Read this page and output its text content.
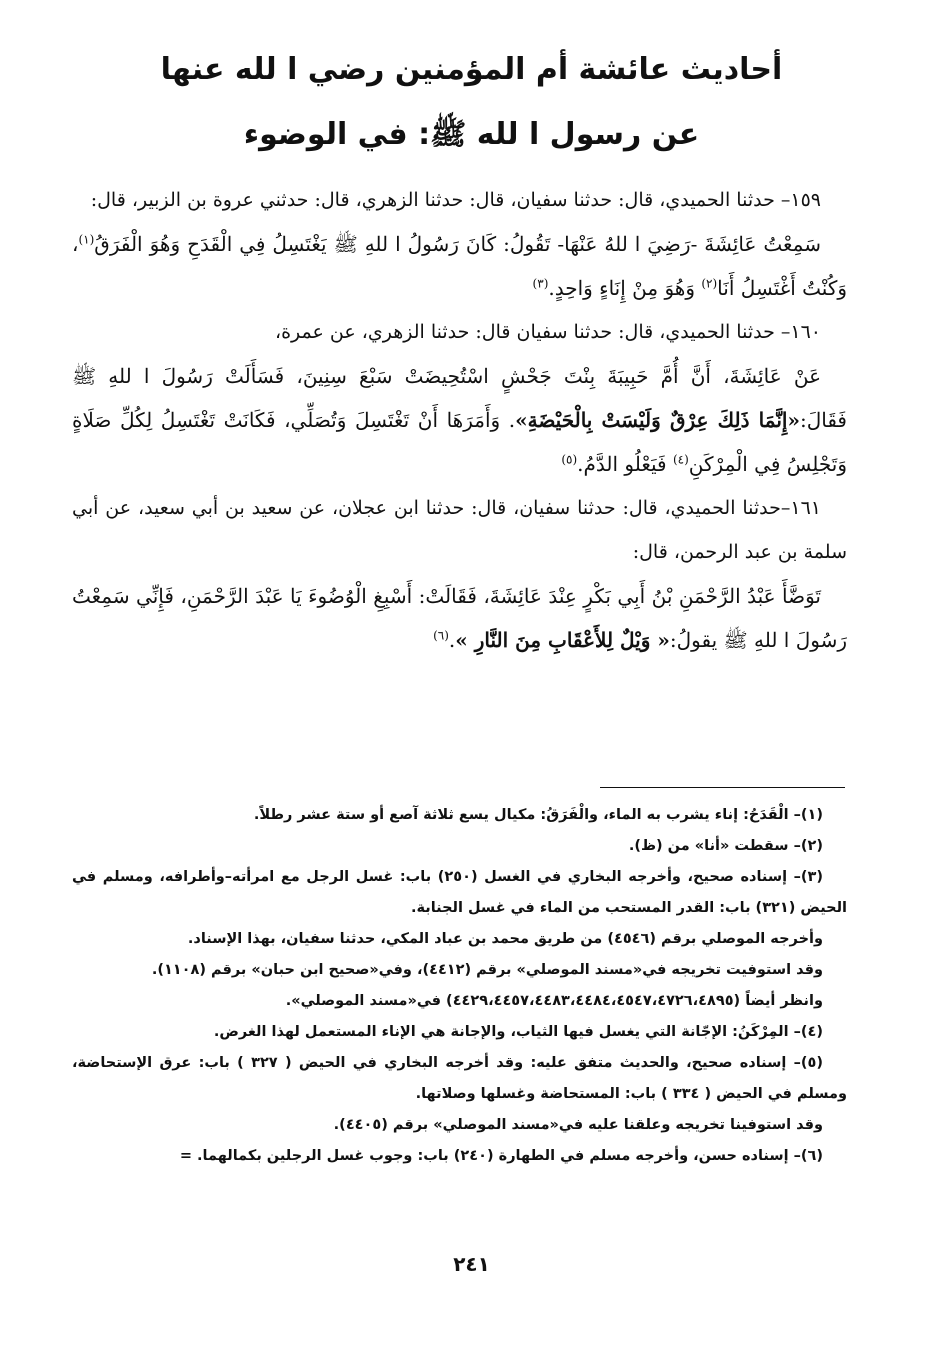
أحاديث عائشة أم المؤمنين رضي ا لله عنها
عن رسول ا لله ﷺ: في الوضوء

١٥٩– حدثنا الحميدي، قال: حدثنا سفيان، قال: حدثنا الزهري، قال: حدثني عروة بن الزبير، قال:

سَمِعْتُ عَائِشَةَ -رَضِيَ ا للهُ عَنْهَا- تَقُولُ: كَانَ رَسُولُ ا للهِ ﷺ يَغْتَسِلُ فِي الْقَدَحِ وَهُوَ الْفَرَقُ$^{(١)}$، وَكُنْتُ أَغْتَسِلُ أَنَا$^{(٢)}$ وَهُوَ مِنْ إِنَاءٍ وَاحِدٍ.$^{(٣)}$

١٦٠– حدثنا الحميدي، قال: حدثنا سفيان قال: حدثنا الزهري، عن عمرة،

عَنْ عَائِشَةَ، أَنَّ أُمَّ حَبِيبَةَ بِنْتَ جَحْشٍ اسْتُحِيضَتْ سَبْعَ سِنِينَ، فَسَأَلَتْ رَسُولَ ا للهِ ﷺ فَقَالَ:«إِنَّمَا ذَلِكَ عِرْقٌ وَلَيْسَتْ بِالْحَيْضَةِ». وَأَمَرَهَا أَنْ تَغْتَسِلَ وَتُصَلِّي، فَكَانَتْ تَغْتَسِلُ لِكُلِّ صَلَاةٍ وَتَجْلِسُ فِي الْمِرْكَنِ$^{(٤)}$ فَيَعْلُو الدَّمُ.$^{(٥)}$

١٦١–حدثنا الحميدي، قال: حدثنا سفيان، قال: حدثنا ابن عجلان، عن سعيد بن أبي سعيد، عن أبي سلمة بن عبد الرحمن، قال:

تَوَضَّأَ عَبْدُ الرَّحْمَنِ بْنُ أَبِي بَكْرٍ عِنْدَ عَائِشَةَ، فَقَالَتْ: أَسْبِغِ الْوُضُوءَ يَا عَبْدَ الرَّحْمَنِ، فَإِنِّي سَمِعْتُ رَسُولَ ا للهِ ﷺ يقولُ:« وَيْلٌ لِلأَعْقَابِ مِنَ النَّارِ ».$^{(٦)}$

(١)– الْقَدَحُ: إناء يشرب به الماء، والْفَرَقُ: مكيال يسع ثلاثة آصع أو ستة عشر رطلاً.

(٢)– سقطت «أنا» من (ظ).

(٣)– إسناده صحيح، وأخرجه البخاري في الغسل (٢٥٠) باب: غسل الرجل مع امرأته–وأطرافه، ومسلم في الحيض (٣٢١) باب: القدر المستحب من الماء في غسل الجنابة.

وأخرجه الموصلي برقم (٤٥٤٦) من طريق محمد بن عباد المكي، حدثنا سفيان، بهذا الإسناد.

وقد استوفيت تخريجه في«مسند الموصلي» برقم (٤٤١٢)، وفي«صحيح ابن حبان» برقم (١١٠٨).

وانظر أيضاً (٤٤٢٩،٤٤٥٧،٤٤٨٣،٤٤٨٤،٤٥٤٧،٤٧٢٦،٤٨٩٥) في«مسند الموصلي».

(٤)– المِرْكَنُ: الإجّانة التي يغسل فيها الثياب، والإجانة هي الإناء المستعمل لهذا الغرض.

(٥)– إسناده صحيح، والحديث متفق عليه: وقد أخرجه البخاري في الحيض ( ٣٢٧ ) باب: عرق الإستحاضة، ومسلم في الحيض ( ٣٣٤ ) باب: المستحاضة وغسلها وصلاتها.

وقد استوفينا تخريجه وعلقنا عليه في«مسند الموصلي» برقم (٤٤٠٥).

(٦)– إسناده حسن، وأخرجه مسلم في الطهارة (٢٤٠) باب: وجوب غسل الرجلين بكمالهما. =

٢٤١
